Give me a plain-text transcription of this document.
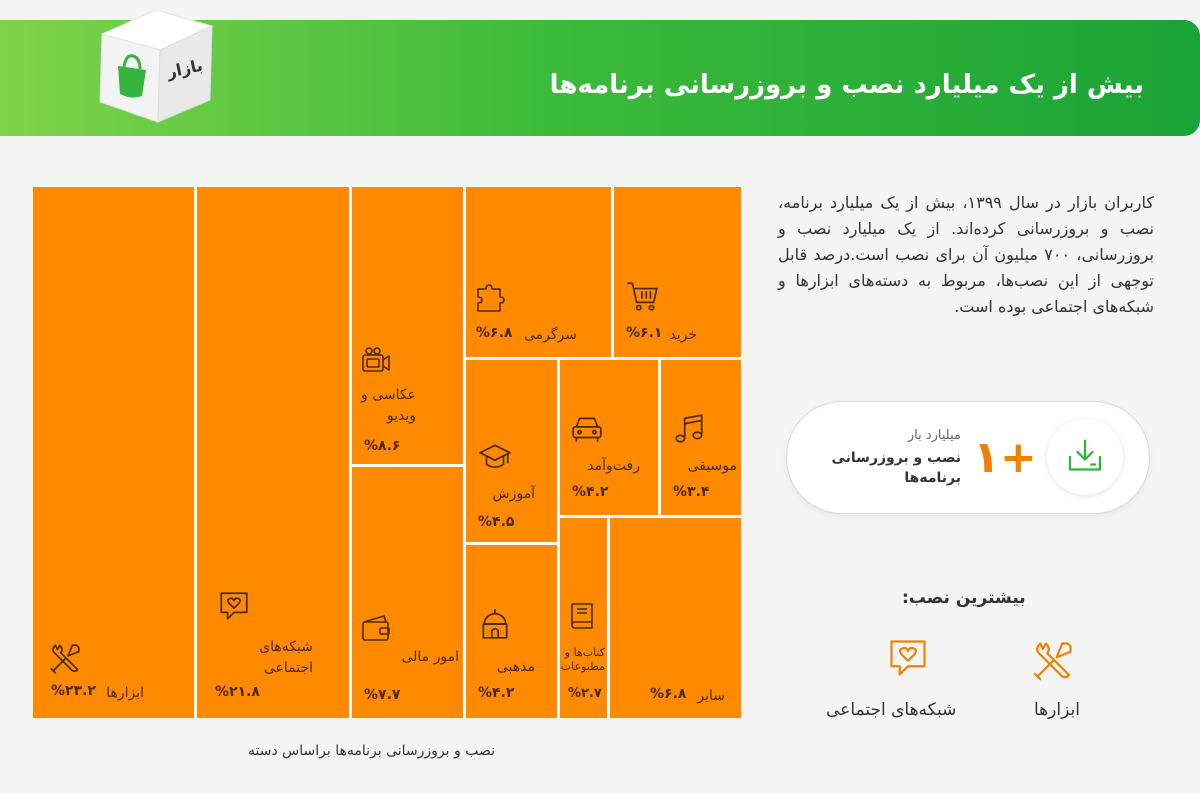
بیش از یک میلیارد نصب و بروزرسانی برنامه‌ها
بازار
ابزارها
%۲۳.۲
شبکه‌های اجتماعی
%۲۱.۸
عکاسی و ویدیو
%۸.۶
امور مالی
%۷.۷
سرگرمی
%۶.۸	خرید
%۶.۱
آموزش
%۴.۵
رفت‌وآمد
%۴.۲
موسیقی
%۳.۴
مذهبی
%۴.۲
کتاب‌ها و مطبوعات
%۲.۷	سایر
%۶.۸
نصب و بروزرسانی برنامه‌ها براساس دسته
کاربران بازار در سال ۱۳۹۹، بیش از یک میلیارد برنامه، نصب و بروزرسانی کرده‌اند. از یک میلیارد نصب و بروزرسانی، ۷۰۰ میلیون آن برای نصب است.درصد قابل توجهی از این نصب‌ها، مربوط به دسته‌های ابزارها و شبکه‌های اجتماعی بوده است.
۱+
میلیارد بار
نصب و بروزرسانی
برنامه‌ها
بیشترین نصب:
ابزارها
شبکه‌های اجتماعی
